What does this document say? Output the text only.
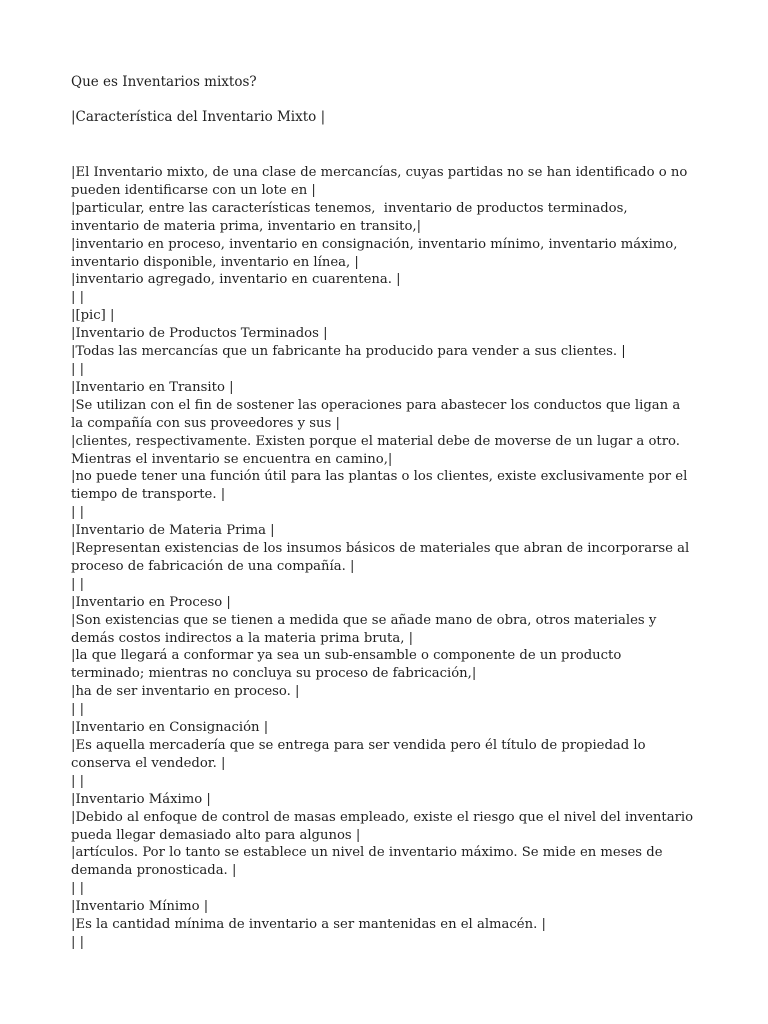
Que es Inventarios mixtos?
|Característica del Inventario Mixto |
|El Inventario mixto, de una clase de mercancías, cuyas partidas no se han identificado o no pueden identificarse con un lote en |
|particular, entre las características tenemos,  inventario de productos terminados, inventario de materia prima, inventario en transito,|
|inventario en proceso, inventario en consignación, inventario mínimo, inventario máximo, inventario disponible, inventario en línea, |
|inventario agregado, inventario en cuarentena. |
| |
|[pic] |
|Inventario de Productos Terminados |
|Todas las mercancías que un fabricante ha producido para vender a sus clientes. |
| |
|Inventario en Transito |
|Se utilizan con el fin de sostener las operaciones para abastecer los conductos que ligan a la compañía con sus proveedores y sus |
|clientes, respectivamente. Existen porque el material debe de moverse de un lugar a otro. Mientras el inventario se encuentra en camino,|
|no puede tener una función útil para las plantas o los clientes, existe exclusivamente por el tiempo de transporte. |
| |
|Inventario de Materia Prima |
|Representan existencias de los insumos básicos de materiales que abran de incorporarse al proceso de fabricación de una compañía. |
| |
|Inventario en Proceso |
|Son existencias que se tienen a medida que se añade mano de obra, otros materiales y demás costos indirectos a la materia prima bruta, |
|la que llegará a conformar ya sea un sub-ensamble o componente de un producto terminado; mientras no concluya su proceso de fabricación,|
|ha de ser inventario en proceso. |
| |
|Inventario en Consignación |
|Es aquella mercadería que se entrega para ser vendida pero él título de propiedad lo conserva el vendedor. |
| |
|Inventario Máximo |
|Debido al enfoque de control de masas empleado, existe el riesgo que el nivel del inventario pueda llegar demasiado alto para algunos |
|artículos. Por lo tanto se establece un nivel de inventario máximo. Se mide en meses de demanda pronosticada. |
| |
|Inventario Mínimo |
|Es la cantidad mínima de inventario a ser mantenidas en el almacén. |
| |
